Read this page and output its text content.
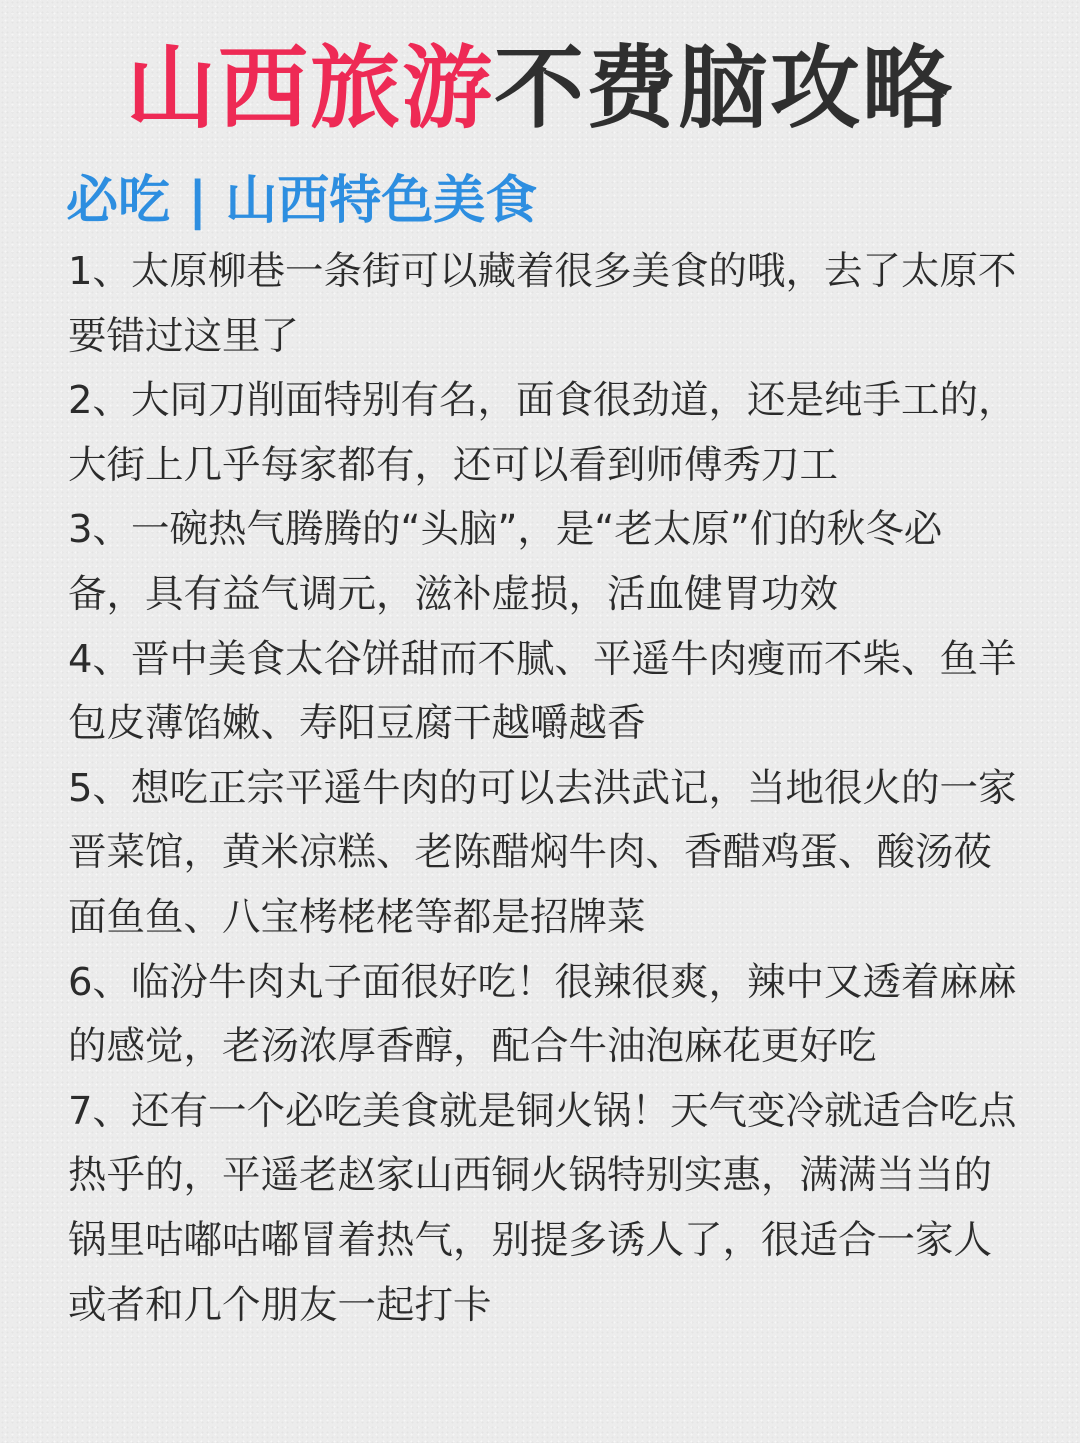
山西旅游不费脑攻略
必吃 | 山西特色美食

1、太原柳巷一条街可以藏着很多美食的哦，去了太原不要错过这里了

2、大同刀削面特别有名，面食很劲道，还是纯手工的，大街上几乎每家都有，还可以看到师傅秀刀工

3、一碗热气腾腾的“头脑”，是“老太原”们的秋冬必备，具有益气调元，滋补虚损，活血健胃功效

4、晋中美食太谷饼甜而不腻、平遥牛肉瘦而不柴、鱼羊包皮薄馅嫩、寿阳豆腐干越嚼越香

5、想吃正宗平遥牛肉的可以去洪武记，当地很火的一家晋菜馆，黄米凉糕、老陈醋焖牛肉、香醋鸡蛋、酸汤莜面鱼鱼、八宝栲栳栳等都是招牌菜

6、临汾牛肉丸子面很好吃！很辣很爽，辣中又透着麻麻的感觉，老汤浓厚香醇，配合牛油泡麻花更好吃

7、还有一个必吃美食就是铜火锅！天气变冷就适合吃点热乎的，平遥老赵家山西铜火锅特别实惠，满满当当的锅里咕嘟咕嘟冒着热气，别提多诱人了，很适合一家人或者和几个朋友一起打卡
